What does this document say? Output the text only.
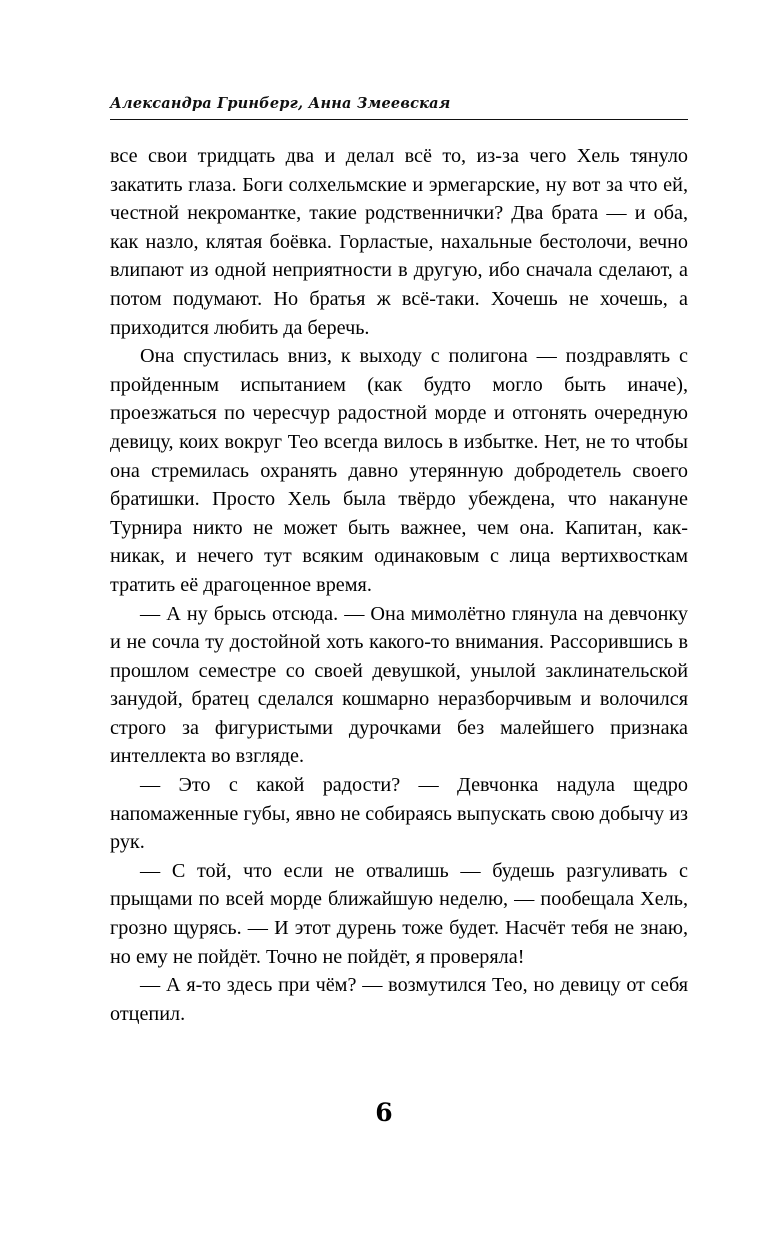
Александра Гринберг, Анна Змеевская

все свои тридцать два и делал всё то, из-за чего Хель тянуло закатить глаза. Боги солхельмские и эрмегарские, ну вот за что ей, честной некромантке, такие родственнички? Два брата — и оба, как назло, клятая боёвка. Горластые, нахальные бестолочи, вечно влипают из одной неприятности в другую, ибо сначала сделают, а потом подумают. Но братья ж всё-таки. Хочешь не хочешь, а приходится любить да беречь.

Она спустилась вниз, к выходу с полигона — поздравлять с пройденным испытанием (как будто могло быть иначе), проезжаться по чересчур радостной морде и отгонять очередную девицу, коих вокруг Тео всегда вилось в избытке. Нет, не то чтобы она стремилась охранять давно утерянную добродетель своего братишки. Просто Хель была твёрдо убеждена, что накануне Турнира никто не может быть важнее, чем она. Капитан, как-никак, и нечего тут всяким одинаковым с лица вертихвосткам тратить её драгоценное время.

— А ну брысь отсюда. — Она мимолётно глянула на девчонку и не сочла ту достойной хоть какого-то внимания. Рассорившись в прошлом семестре со своей девушкой, унылой заклинательской занудой, братец сделался кошмарно неразборчивым и волочился строго за фигуристыми дурочками без малейшего признака интеллекта во взгляде.

— Это с какой радости? — Девчонка надула щедро напомаженные губы, явно не собираясь выпускать свою добычу из рук.

— С той, что если не отвалишь — будешь разгуливать с прыщами по всей морде ближайшую неделю, — пообещала Хель, грозно щурясь. — И этот дурень тоже будет. Насчёт тебя не знаю, но ему не пойдёт. Точно не пойдёт, я проверяла!

— А я-то здесь при чём? — возмутился Тео, но девицу от себя отцепил.

6
